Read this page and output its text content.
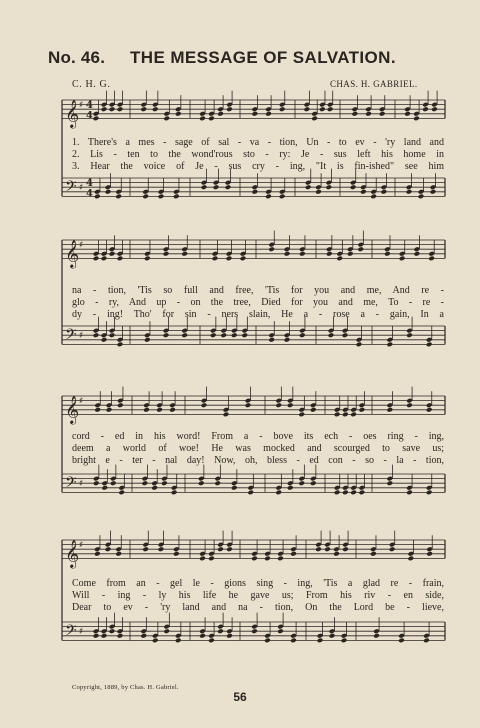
No. 46. THE MESSAGE OF SALVATION.
C. H. G.	CHAS. H. GABRIEL.
𝄞
𝄢
♯
♯
4
4
4
4
𝄞
𝄢
♯
♯
𝄞
𝄢
♯
♯
𝄞
𝄢
♯
♯
1. There's a mes - sage of sal - va - tion, Un - to ev - 'ry land and
2. Lis - ten to the wond'rous sto - ry: Je - sus left his home in
3. Hear the voice of Je - sus cry - ing, "It is fin-ished" see him
na - tion, 'Tis so full and free, 'Tis for you and me, And re -
glo - ry, And up - on the tree, Died for you and me, To - re -
dy - ing! Tho' for sin - ners slain, He a - rose a - gain, In a
cord - ed in his word! From a - bove its ech - oes ring - ing,
deem a world of woe! He was mocked and scourged to save us;
bright e - ter - nal day! Now, oh, bless - ed con - so - la - tion,
Come from an - gel le - gions sing - ing, 'Tis a glad re - frain,
Will - ing - ly his life he gave us; From his riv - en side,
Dear to ev - 'ry land and na - tion, On the Lord be - lieve,
Copyright, 1889, by Chas. H. Gabriel.
56
